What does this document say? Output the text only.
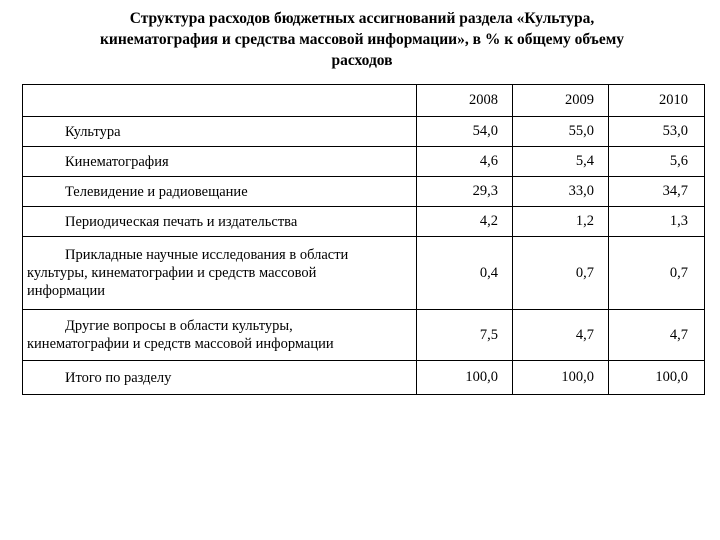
Структура расходов бюджетных ассигнований раздела «Культура,
кинематография и средства массовой информации», в % к общему объему
расходов
	2008	2009	2010
Культура	54,0	55,0	53,0
Кинематография	4,6	5,4	5,6
Телевидение и радиовещание	29,3	33,0	34,7
Периодическая печать и издательства	4,2	1,2	1,3
Прикладные научные исследования в области
культуры, кинематографии и средств массовой
информации	0,4	0,7	0,7
Другие вопросы в области культуры,
кинематографии и средств массовой информации	7,5	4,7	4,7
Итого по разделу	100,0	100,0	100,0
